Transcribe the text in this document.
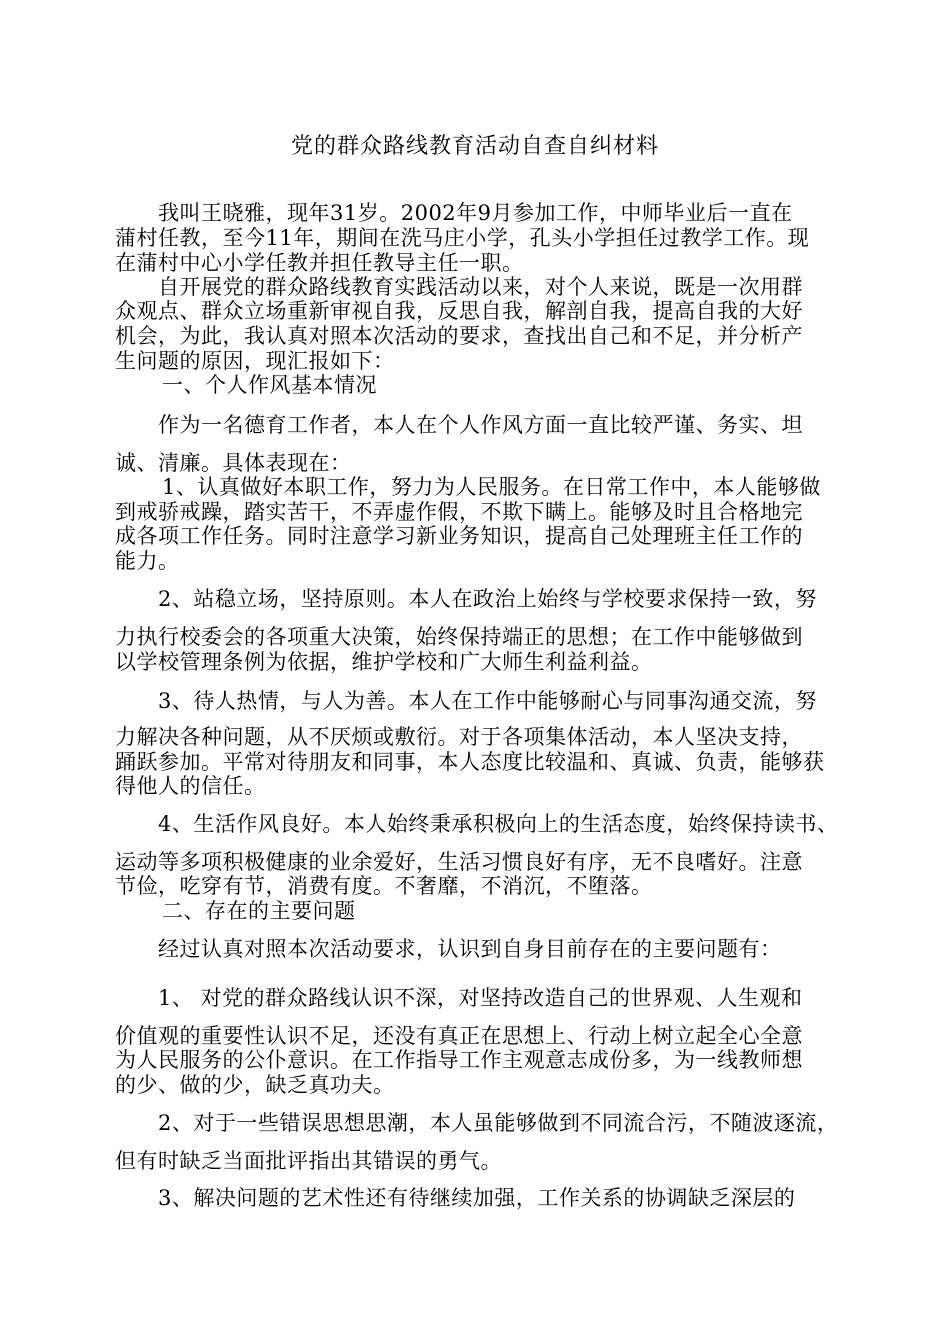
党的群众路线教育活动自查自纠材料
我叫王晓雅，现年31岁。2002年9月参加工作，中师毕业后一直在
蒲村任教，至今11年，期间在洗马庄小学，孔头小学担任过教学工作。现
在蒲村中心小学任教并担任教导主任一职。
自开展党的群众路线教育实践活动以来，对个人来说，既是一次用群
众观点、群众立场重新审视自我，反思自我，解剖自我，提高自我的大好
机会，为此，我认真对照本次活动的要求，查找出自己和不足，并分析产
生问题的原因，现汇报如下：
一、个人作风基本情况
作为一名德育工作者，本人在个人作风方面一直比较严谨、务实、坦
诚、清廉。具体表现在：
1、认真做好本职工作，努力为人民服务。在日常工作中，本人能够做
到戒骄戒躁，踏实苦干，不弄虚作假，不欺下瞒上。能够及时且合格地完
成各项工作任务。同时注意学习新业务知识，提高自己处理班主任工作的
能力。
2、站稳立场，坚持原则。本人在政治上始终与学校要求保持一致，努
力执行校委会的各项重大决策，始终保持端正的思想；在工作中能够做到
以学校管理条例为依据，维护学校和广大师生利益利益。
3、待人热情，与人为善。本人在工作中能够耐心与同事沟通交流，努
力解决各种问题，从不厌烦或敷衍。对于各项集体活动，本人坚决支持，
踊跃参加。平常对待朋友和同事，本人态度比较温和、真诚、负责，能够获
得他人的信任。
4、生活作风良好。本人始终秉承积极向上的生活态度，始终保持读书、
运动等多项积极健康的业余爱好，生活习惯良好有序，无不良嗜好。注意
节俭，吃穿有节，消费有度。不奢靡，不消沉，不堕落。
二、存在的主要问题
经过认真对照本次活动要求，认识到自身目前存在的主要问题有：
1、 对党的群众路线认识不深，对坚持改造自己的世界观、人生观和
价值观的重要性认识不足，还没有真正在思想上、行动上树立起全心全意
为人民服务的公仆意识。在工作指导工作主观意志成份多，为一线教师想
的少、做的少，缺乏真功夫。
2、对于一些错误思想思潮，本人虽能够做到不同流合污，不随波逐流，
但有时缺乏当面批评指出其错误的勇气。
3、解决问题的艺术性还有待继续加强，工作关系的协调缺乏深层的
